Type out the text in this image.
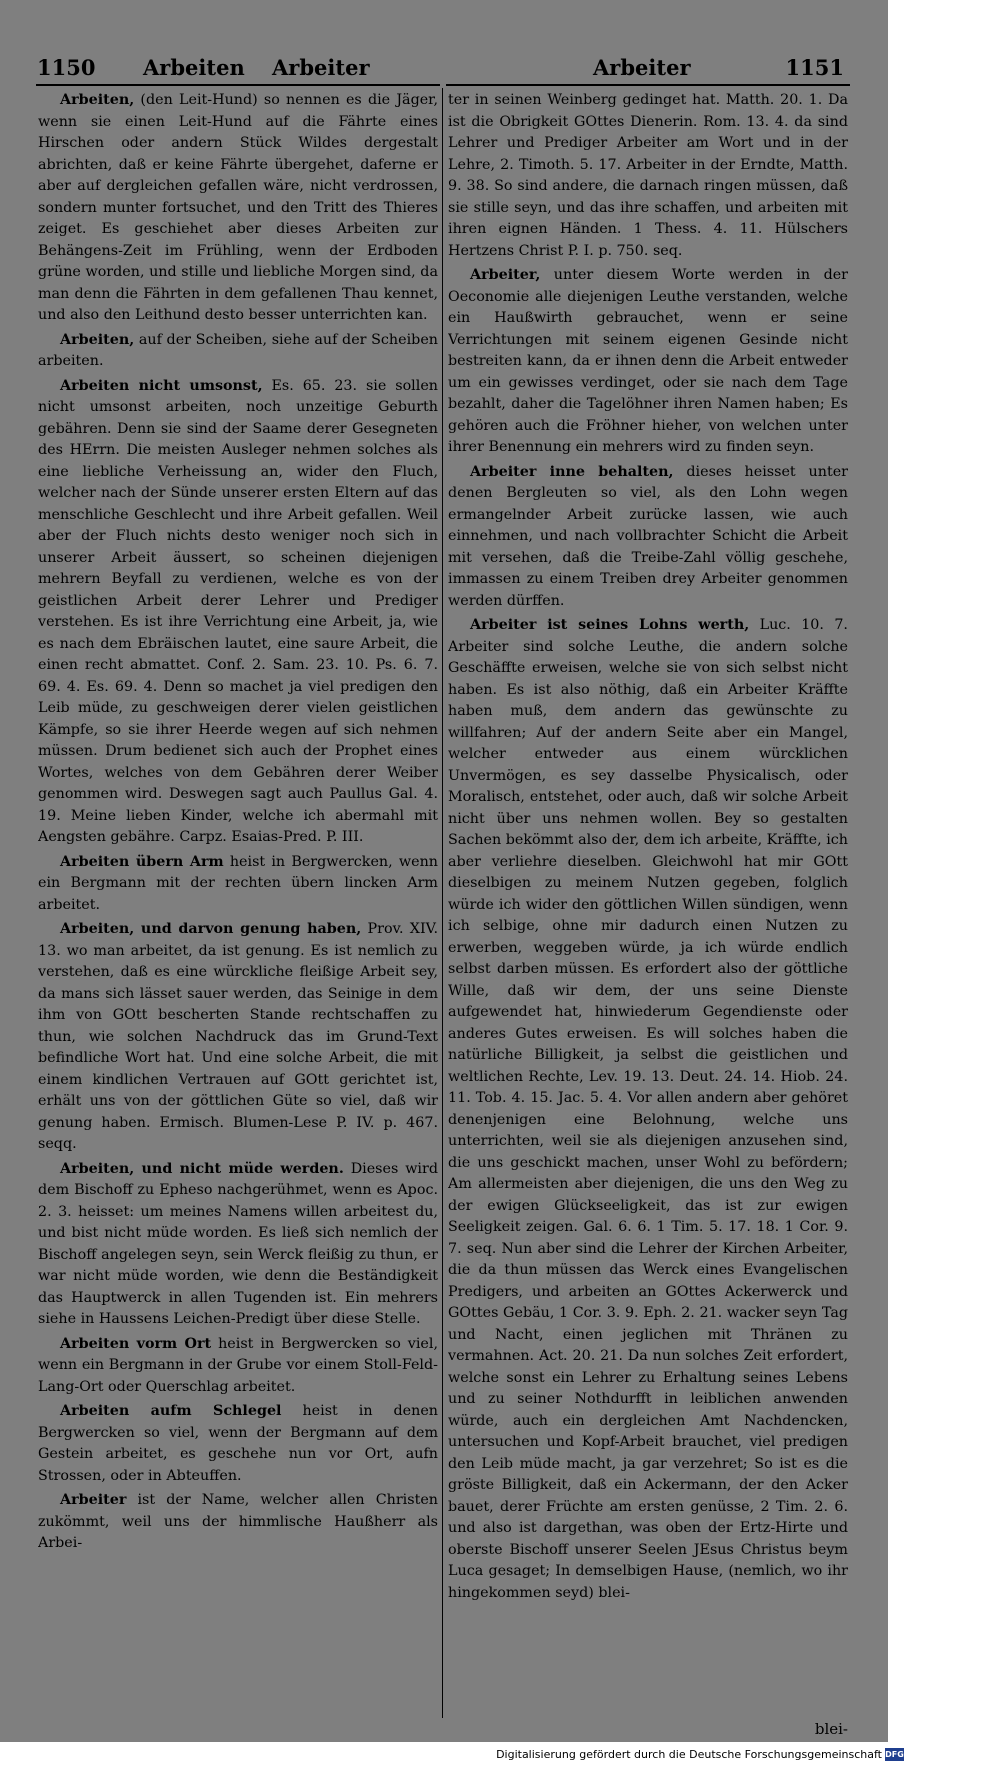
1150 Arbeiten Arbeiter	Arbeiter	1151

Arbeiten, (den Leit-Hund) so nennen es die Jäger, wenn sie einen Leit-Hund auf die Fährte eines Hirschen oder andern Stück Wildes dergestalt abrichten, daß er keine Fährte übergehet, daferne er aber auf dergleichen gefallen wäre, nicht verdrossen, sondern munter fortsuchet, und den Tritt des Thieres zeiget. Es geschiehet aber dieses Arbeiten zur Behängens-Zeit im Frühling, wenn der Erdboden grüne worden, und stille und liebliche Morgen sind, da man denn die Fährten in dem gefallenen Thau kennet, und also den Leithund desto besser unterrichten kan.

Arbeiten, auf der Scheiben, siehe auf der Scheiben arbeiten.

Arbeiten nicht umsonst, Es. 65. 23. sie sollen nicht umsonst arbeiten, noch unzeitige Geburth gebähren. Denn sie sind der Saame derer Gesegneten des HErrn. Die meisten Ausleger nehmen solches als eine liebliche Verheissung an, wider den Fluch, welcher nach der Sünde unserer ersten Eltern auf das menschliche Geschlecht und ihre Arbeit gefallen. Weil aber der Fluch nichts desto weniger noch sich in unserer Arbeit äussert, so scheinen diejenigen mehrern Beyfall zu verdienen, welche es von der geistlichen Arbeit derer Lehrer und Prediger verstehen. Es ist ihre Verrichtung eine Arbeit, ja, wie es nach dem Ebräischen lautet, eine saure Arbeit, die einen recht abmattet. Conf. 2. Sam. 23. 10. Ps. 6. 7. 69. 4. Es. 69. 4. Denn so machet ja viel predigen den Leib müde, zu geschweigen derer vielen geistlichen Kämpfe, so sie ihrer Heerde wegen auf sich nehmen müssen. Drum bedienet sich auch der Prophet eines Wortes, welches von dem Gebähren derer Weiber genommen wird. Deswegen sagt auch Paullus Gal. 4. 19. Meine lieben Kinder, welche ich abermahl mit Aengsten gebähre. Carpz. Esaias-Pred. P. III.

Arbeiten übern Arm heist in Bergwercken, wenn ein Bergmann mit der rechten übern lincken Arm arbeitet.

Arbeiten, und darvon genung haben, Prov. XIV. 13. wo man arbeitet, da ist genung. Es ist nemlich zu verstehen, daß es eine würckliche fleißige Arbeit sey, da mans sich lässet sauer werden, das Seinige in dem ihm von GOtt bescherten Stande rechtschaffen zu thun, wie solchen Nachdruck das im Grund-Text befindliche Wort hat. Und eine solche Arbeit, die mit einem kindlichen Vertrauen auf GOtt gerichtet ist, erhält uns von der göttlichen Güte so viel, daß wir genung haben. Ermisch. Blumen-Lese P. IV. p. 467. seqq.

Arbeiten, und nicht müde werden. Dieses wird dem Bischoff zu Epheso nachgerühmet, wenn es Apoc. 2. 3. heisset: um meines Namens willen arbeitest du, und bist nicht müde worden. Es ließ sich nemlich der Bischoff angelegen seyn, sein Werck fleißig zu thun, er war nicht müde worden, wie denn die Beständigkeit das Hauptwerck in allen Tugenden ist. Ein mehrers siehe in Haussens Leichen-Predigt über diese Stelle.

Arbeiten vorm Ort heist in Bergwercken so viel, wenn ein Bergmann in der Grube vor einem Stoll-Feld-Lang-Ort oder Querschlag arbeitet.

Arbeiten aufm Schlegel heist in denen Bergwercken so viel, wenn der Bergmann auf dem Gestein arbeitet, es geschehe nun vor Ort, aufn Strossen, oder in Abteuffen.

Arbeiter ist der Name, welcher allen Christen zukömmt, weil uns der himmlische Haußherr als Arbei-

ter in seinen Weinberg gedinget hat. Matth. 20. 1. Da ist die Obrigkeit GOttes Dienerin. Rom. 13. 4. da sind Lehrer und Prediger Arbeiter am Wort und in der Lehre, 2. Timoth. 5. 17. Arbeiter in der Erndte, Matth. 9. 38. So sind andere, die darnach ringen müssen, daß sie stille seyn, und das ihre schaffen, und arbeiten mit ihren eignen Händen. 1 Thess. 4. 11. Hülschers Hertzens Christ P. I. p. 750. seq.

Arbeiter, unter diesem Worte werden in der Oeconomie alle diejenigen Leuthe verstanden, welche ein Haußwirth gebrauchet, wenn er seine Verrichtungen mit seinem eigenen Gesinde nicht bestreiten kann, da er ihnen denn die Arbeit entweder um ein gewisses verdinget, oder sie nach dem Tage bezahlt, daher die Tagelöhner ihren Namen haben; Es gehören auch die Fröhner hieher, von welchen unter ihrer Benennung ein mehrers wird zu finden seyn.

Arbeiter inne behalten, dieses heisset unter denen Bergleuten so viel, als den Lohn wegen ermangelnder Arbeit zurücke lassen, wie auch einnehmen, und nach vollbrachter Schicht die Arbeit mit versehen, daß die Treibe-Zahl völlig geschehe, immassen zu einem Treiben drey Arbeiter genommen werden dürffen.

Arbeiter ist seines Lohns werth, Luc. 10. 7. Arbeiter sind solche Leuthe, die andern solche Geschäffte erweisen, welche sie von sich selbst nicht haben. Es ist also nöthig, daß ein Arbeiter Kräffte haben muß, dem andern das gewünschte zu willfahren; Auf der andern Seite aber ein Mangel, welcher entweder aus einem würcklichen Unvermögen, es sey dasselbe Physicalisch, oder Moralisch, entstehet, oder auch, daß wir solche Arbeit nicht über uns nehmen wollen. Bey so gestalten Sachen bekömmt also der, dem ich arbeite, Kräffte, ich aber verliehre dieselben. Gleichwohl hat mir GOtt dieselbigen zu meinem Nutzen gegeben, folglich würde ich wider den göttlichen Willen sündigen, wenn ich selbige, ohne mir dadurch einen Nutzen zu erwerben, weggeben würde, ja ich würde endlich selbst darben müssen. Es erfordert also der göttliche Wille, daß wir dem, der uns seine Dienste aufgewendet hat, hinwiederum Gegendienste oder anderes Gutes erweisen. Es will solches haben die natürliche Billigkeit, ja selbst die geistlichen und weltlichen Rechte, Lev. 19. 13. Deut. 24. 14. Hiob. 24. 11. Tob. 4. 15. Jac. 5. 4. Vor allen andern aber gehöret denenjenigen eine Belohnung, welche uns unterrichten, weil sie als diejenigen anzusehen sind, die uns geschickt machen, unser Wohl zu befördern; Am allermeisten aber diejenigen, die uns den Weg zu der ewigen Glückseeligkeit, das ist zur ewigen Seeligkeit zeigen. Gal. 6. 6. 1 Tim. 5. 17. 18. 1 Cor. 9. 7. seq. Nun aber sind die Lehrer der Kirchen Arbeiter, die da thun müssen das Werck eines Evangelischen Predigers, und arbeiten an GOttes Ackerwerck und GOttes Gebäu, 1 Cor. 3. 9. Eph. 2. 21. wacker seyn Tag und Nacht, einen jeglichen mit Thränen zu vermahnen. Act. 20. 21. Da nun solches Zeit erfordert, welche sonst ein Lehrer zu Erhaltung seines Lebens und zu seiner Nothdurfft in leiblichen anwenden würde, auch ein dergleichen Amt Nachdencken, untersuchen und Kopf-Arbeit brauchet, viel predigen den Leib müde macht, ja gar verzehret; So ist es die gröste Billigkeit, daß ein Ackermann, der den Acker bauet, derer Früchte am ersten genüsse, 2 Tim. 2. 6. und also ist dargethan, was oben der Ertz-Hirte und oberste Bischoff unserer Seelen JEsus Christus beym Luca gesaget; In demselbigen Hause, (nemlich, wo ihr hingekommen seyd) blei-

blei-
Digitalisierung gefördert durch die Deutsche Forschungsgemeinschaft DFG
